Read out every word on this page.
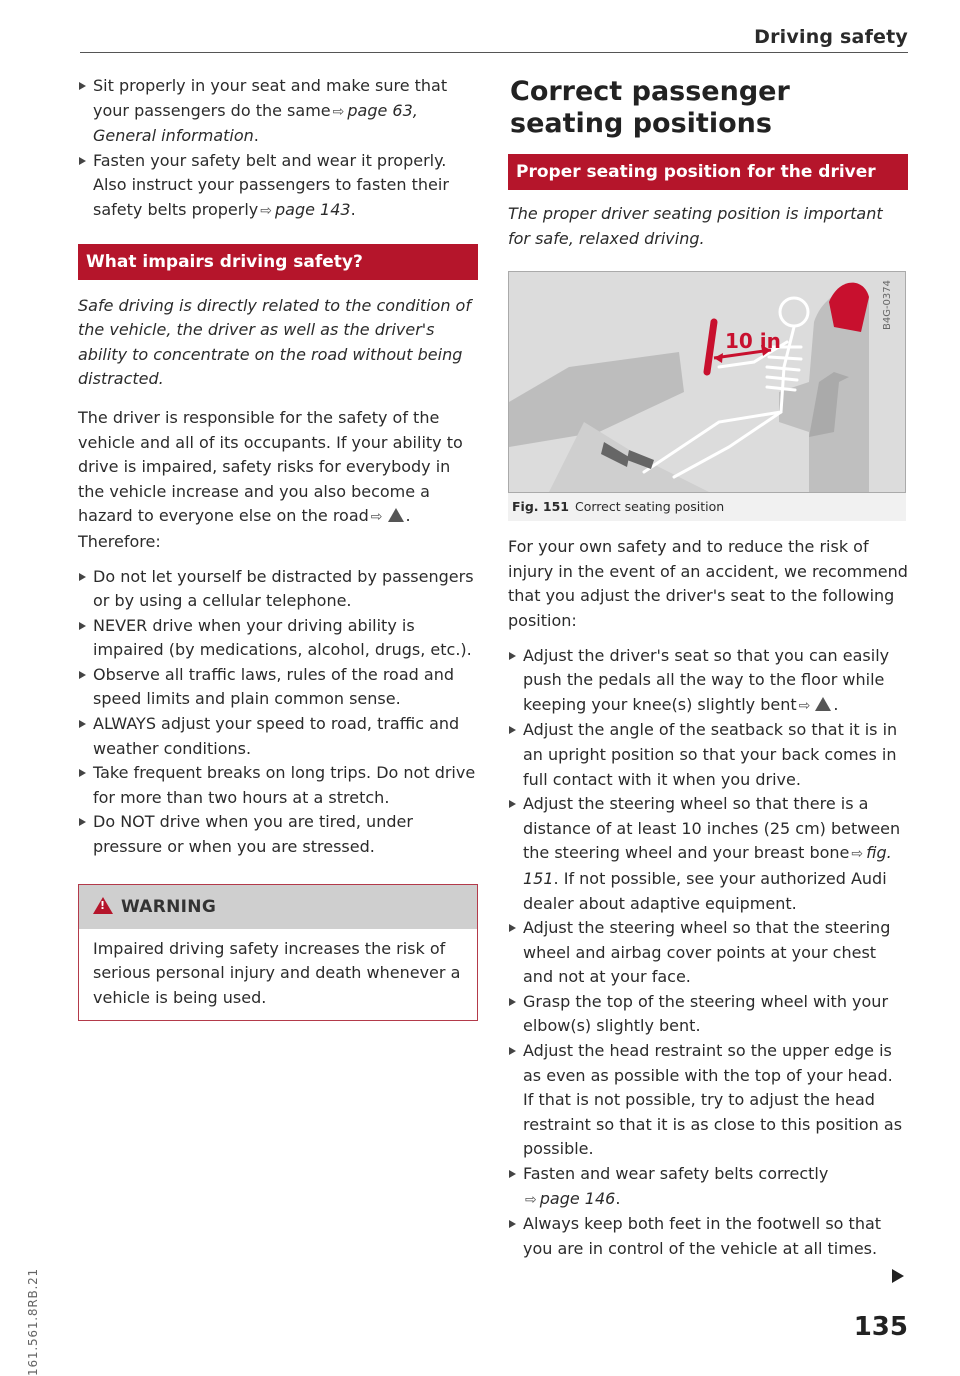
Driving safety
Sit properly in your seat and make sure that your passengers do the same ⇨ page 63, General information.
Fasten your safety belt and wear it properly. Also instruct your passengers to fasten their safety belts properly ⇨ page 143.
What impairs driving safety?

Safe driving is directly related to the condition of the vehicle, the driver as well as the driver's ability to concentrate on the road without being distracted.

The driver is responsible for the safety of the vehicle and all of its occupants. If your ability to drive is impaired, safety risks for everybody in the vehicle increase and you also become a hazard to everyone else on the road ⇨ . Therefore:

Do not let yourself be distracted by passengers or by using a cellular telephone.
NEVER drive when your driving ability is impaired (by medications, alcohol, drugs, etc.).
Observe all traffic laws, rules of the road and speed limits and plain common sense.
ALWAYS adjust your speed to road, traffic and weather conditions.
Take frequent breaks on long trips. Do not drive for more than two hours at a stretch.
Do NOT drive when you are tired, under pressure or when you are stressed.
!WARNING
Impaired driving safety increases the risk of serious personal injury and death whenever a vehicle is being used.
Correct passenger seating positions
Proper seating position for the driver

The proper driver seating position is important for safe, relaxed driving.

10 in
B4G-0374
Fig. 151 Correct seating position

For your own safety and to reduce the risk of injury in the event of an accident, we recommend that you adjust the driver's seat to the following position:

Adjust the driver's seat so that you can easily push the pedals all the way to the floor while keeping your knee(s) slightly bent ⇨ .
Adjust the angle of the seatback so that it is in an upright position so that your back comes in full contact with it when you drive.
Adjust the steering wheel so that there is a distance of at least 10 inches (25 cm) between the steering wheel and your breast bone ⇨ fig. 151. If not possible, see your authorized Audi dealer about adaptive equipment.
Adjust the steering wheel so that the steering wheel and airbag cover points at your chest and not at your face.
Grasp the top of the steering wheel with your elbow(s) slightly bent.
Adjust the head restraint so the upper edge is as even as possible with the top of your head. If that is not possible, try to adjust the head restraint so that it is as close to this position as possible.
Fasten and wear safety belts correctly
⇨ page 146.
Always keep both feet in the footwell so that you are in control of the vehicle at all times.
161.561.8RB.21	135
